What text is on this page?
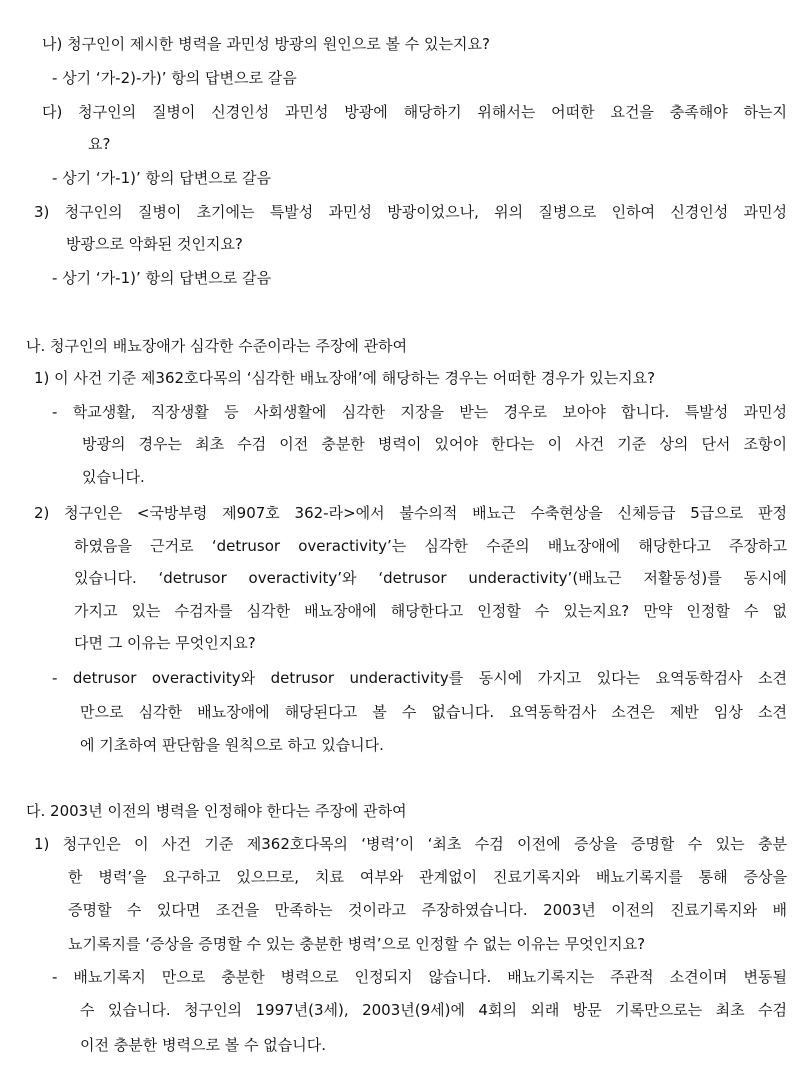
나) 청구인이 제시한 병력을 과민성 방광의 원인으로 볼 수 있는지요?
- 상기 ‘가-2)-가)’ 항의 답변으로 갈음
다) 청구인의 질병이 신경인성 과민성 방광에 해당하기 위해서는 어떠한 요건을 충족해야 하는지
요?
- 상기 ‘가-1)’ 항의 답변으로 갈음
3) 청구인의 질병이 초기에는 특발성 과민성 방광이었으나, 위의 질병으로 인하여 신경인성 과민성
방광으로 악화된 것인지요?
- 상기 ‘가-1)’ 항의 답변으로 갈음
나. 청구인의 배뇨장애가 심각한 수준이라는 주장에 관하여
1) 이 사건 기준 제362호다목의 ‘심각한 배뇨장애’에 해당하는 경우는 어떠한 경우가 있는지요?
- 학교생활, 직장생활 등 사회생활에 심각한 지장을 받는 경우로 보아야 합니다. 특발성 과민성
방광의 경우는 최초 수검 이전 충분한 병력이 있어야 한다는 이 사건 기준 상의 단서 조항이
있습니다.
2) 청구인은 <국방부령 제907호 362-라>에서 불수의적 배뇨근 수축현상을 신체등급 5급으로 판정
하였음을 근거로 ‘detrusor overactivity’는 심각한 수준의 배뇨장애에 해당한다고 주장하고
있습니다. ‘detrusor overactivity’와 ‘detrusor underactivity’(배뇨근 저활동성)를 동시에
가지고 있는 수검자를 심각한 배뇨장애에 해당한다고 인정할 수 있는지요? 만약 인정할 수 없
다면 그 이유는 무엇인지요?
- detrusor overactivity와 detrusor underactivity를 동시에 가지고 있다는 요역동학검사 소견
만으로 심각한 배뇨장애에 해당된다고 볼 수 없습니다. 요역동학검사 소견은 제반 임상 소견
에 기초하여 판단함을 원칙으로 하고 있습니다.
다. 2003년 이전의 병력을 인정해야 한다는 주장에 관하여
1) 청구인은 이 사건 기준 제362호다목의 ‘병력’이 ‘최초 수검 이전에 증상을 증명할 수 있는 충분
한 병력’을 요구하고 있으므로, 치료 여부와 관계없이 진료기록지와 배뇨기록지를 통해 증상을
증명할 수 있다면 조건을 만족하는 것이라고 주장하였습니다. 2003년 이전의 진료기록지와 배
뇨기록지를 ‘증상을 증명할 수 있는 충분한 병력’으로 인정할 수 없는 이유는 무엇인지요?
- 배뇨기록지 만으로 충분한 병력으로 인정되지 않습니다. 배뇨기록지는 주관적 소견이며 변동될
수 있습니다. 청구인의 1997년(3세), 2003년(9세)에 4회의 외래 방문 기록만으로는 최초 수검
이전 충분한 병력으로 볼 수 없습니다.
